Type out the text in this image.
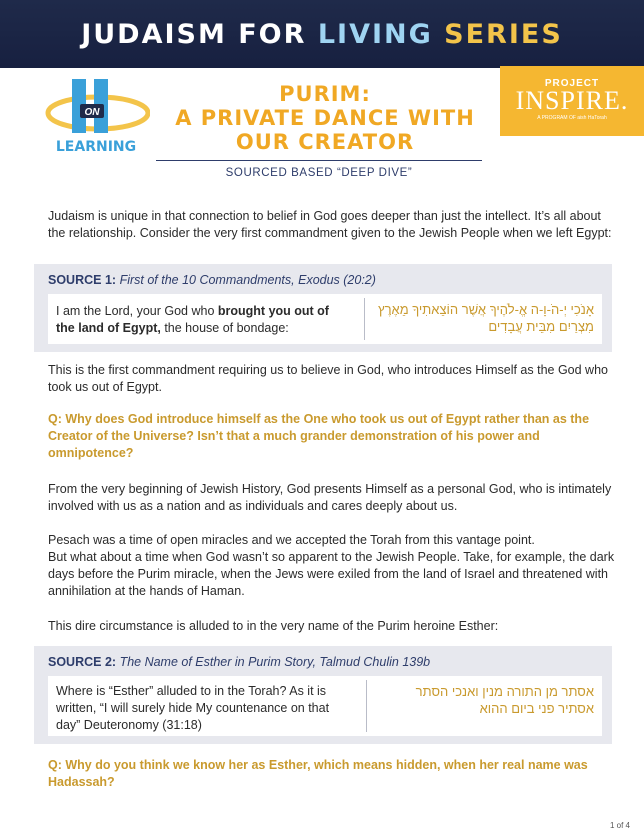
JUDAISM FOR LIVING SERIES
ON
LEARNING
PROJECT
INSPIRE.
A PROGRAM OF aish HaTorah
PURIM:
A PRIVATE DANCE WITH
OUR CREATOR
SOURCED BASED “DEEP DIVE”

Judaism is unique in that connection to belief in God goes deeper than just the intellect. It’s all about the relationship. Consider the very first commandment given to the Jewish People when we left Egypt:

SOURCE 1: First of the 10 Commandments, Exodus (20:2)
I am the Lord, your God who brought you out of the land of Egypt, the house of bondage:
אָנֹכִי יְ-הֹ-וָ-ה אֱ-לֹהֶיךָ אֲשֶׁר הוֹצֵאתִיךָ מֵאֶרֶץ מִצְרַיִם מִבֵּית עֲבָדִים

This is the first commandment requiring us to believe in God, who introduces Himself as the God who took us out of Egypt.

Q: Why does God introduce himself as the One who took us out of Egypt rather than as the Creator of the Universe? Isn’t that a much grander demonstration of his power and omnipotence?

From the very beginning of Jewish History, God presents Himself as a personal God, who is intimately involved with us as a nation and as individuals and cares deeply about us.

Pesach was a time of open miracles and we accepted the Torah from this vantage point.

But what about a time when God wasn’t so apparent to the Jewish People. Take, for example, the dark days before the Purim miracle, when the Jews were exiled from the land of Israel and threatened with annihilation at the hands of Haman.

This dire circumstance is alluded to in the very name of the Purim heroine Esther:

SOURCE 2: The Name of Esther in Purim Story, Talmud Chulin 139b
Where is “Esther” alluded to in the Torah? As it is written, “I will surely hide My countenance on that day” Deuteronomy (31:18)
אסתר מן התורה מנין ואנכי הסתר אסתיר פני ביום ההוא

Q: Why do you think we know her as Esther, which means hidden, when her real name was Hadassah?

1 of 4
